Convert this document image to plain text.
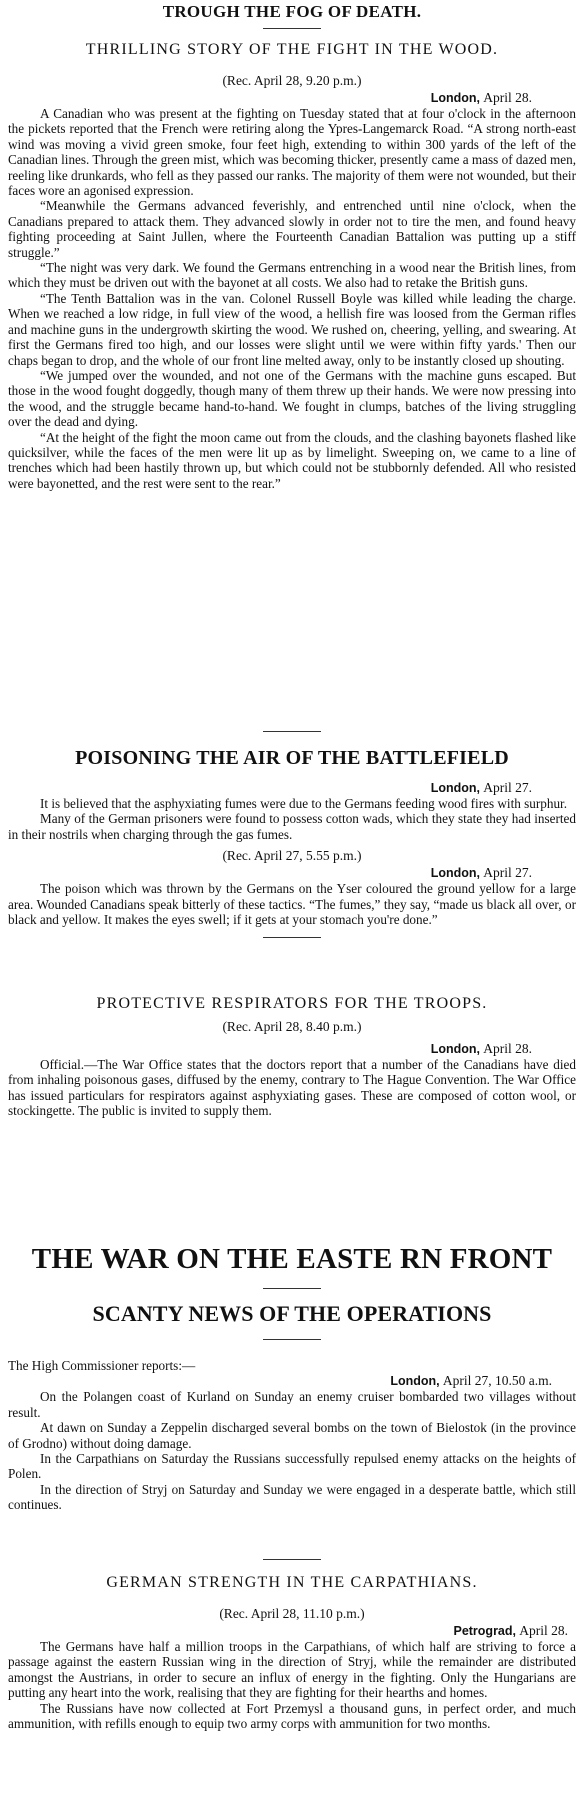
TROUGH THE FOG OF DEATH.
THRILLING STORY OF THE FIGHT IN THE WOOD.
(Rec. April 28, 9.20 p.m.)
London, April 28.

A Canadian who was present at the fighting on Tuesday stated that at four o'clock in the afternoon the pickets reported that the French were retiring along the Ypres-Langemarck Road. “A strong north-east wind was moving a vivid green smoke, four feet high, extending to within 300 yards of the left of the Canadian lines. Through the green mist, which was becoming thicker, presently came a mass of dazed men, reeling like drunkards, who fell as they passed our ranks. The majority of them were not wounded, but their faces wore an agonised expression.

“Meanwhile the Germans advanced feverishly, and entrenched until nine o'clock, when the Canadians prepared to attack them. They advanced slowly in order not to tire the men, and found heavy fighting proceeding at Saint Jullen, where the Fourteenth Canadian Battalion was putting up a stiff struggle.”

“The night was very dark. We found the Germans entrenching in a wood near the British lines, from which they must be driven out with the bayonet at all costs. We also had to retake the British guns.

“The Tenth Battalion was in the van. Colonel Russell Boyle was killed while leading the charge. When we reached a low ridge, in full view of the wood, a hellish fire was loosed from the German rifles and machine guns in the undergrowth skirting the wood. We rushed on, cheering, yelling, and swearing. At first the Germans fired too high, and our losses were slight until we were within fifty yards.' Then our chaps began to drop, and the whole of our front line melted away, only to be instantly closed up shouting.

“We jumped over the wounded, and not one of the Germans with the machine guns escaped. But those in the wood fought doggedly, though many of them threw up their hands. We were now pressing into the wood, and the struggle became hand-to-hand. We fought in clumps, batches of the living struggling over the dead and dying.

“At the height of the fight the moon came out from the clouds, and the clashing bayonets flashed like quicksilver, while the faces of the men were lit up as by limelight. Sweeping on, we came to a line of trenches which had been hastily thrown up, but which could not be stubbornly defended. All who resisted were bayonetted, and the rest were sent to the rear.”

POISONING THE AIR OF THE BATTLEFIELD
London, April 27.

It is believed that the asphyxiating fumes were due to the Germans feeding wood fires with surphur.

Many of the German prisoners were found to possess cotton wads, which they state they had inserted in their nostrils when charging through the gas fumes.

(Rec. April 27, 5.55 p.m.)
London, April 27.

The poison which was thrown by the Germans on the Yser coloured the ground yellow for a large area. Wounded Canadians speak bitterly of these tactics. “The fumes,” they say, “made us black all over, or black and yellow. It makes the eyes swell; if it gets at your stomach you're done.”

PROTECTIVE RESPIRATORS FOR THE TROOPS.
(Rec. April 28, 8.40 p.m.)
London, April 28.

Official.—The War Office states that the doctors report that a number of the Canadians have died from inhaling poisonous gases, diffused by the enemy, contrary to The Hague Convention. The War Office has issued particulars for respirators against asphyxiating gases. These are composed of cotton wool, or stockingette. The public is invited to supply them.

THE WAR ON THE EASTE RN FRONT
SCANTY NEWS OF THE OPERATIONS

The High Commissioner reports:—

London, April 27, 10.50 a.m.

On the Polangen coast of Kurland on Sunday an enemy cruiser bombarded two villages without result.

At dawn on Sunday a Zeppelin discharged several bombs on the town of Bielostok (in the province of Grodno) without doing damage.

In the Carpathians on Saturday the Russians successfully repulsed enemy attacks on the heights of Polen.

In the direction of Stryj on Saturday and Sunday we were engaged in a desperate battle, which still continues.

GERMAN STRENGTH IN THE CARPATHIANS.
(Rec. April 28, 11.10 p.m.)
Petrograd, April 28.

The Germans have half a million troops in the Carpathians, of which half are striving to force a passage against the eastern Russian wing in the direction of Stryj, while the remainder are distributed amongst the Austrians, in order to secure an influx of energy in the fighting. Only the Hungarians are putting any heart into the work, realising that they are fighting for their hearths and homes.

The Russians have now collected at Fort Przemysl a thousand guns, in perfect order, and much ammunition, with refills enough to equip two army corps with ammunition for two months.
